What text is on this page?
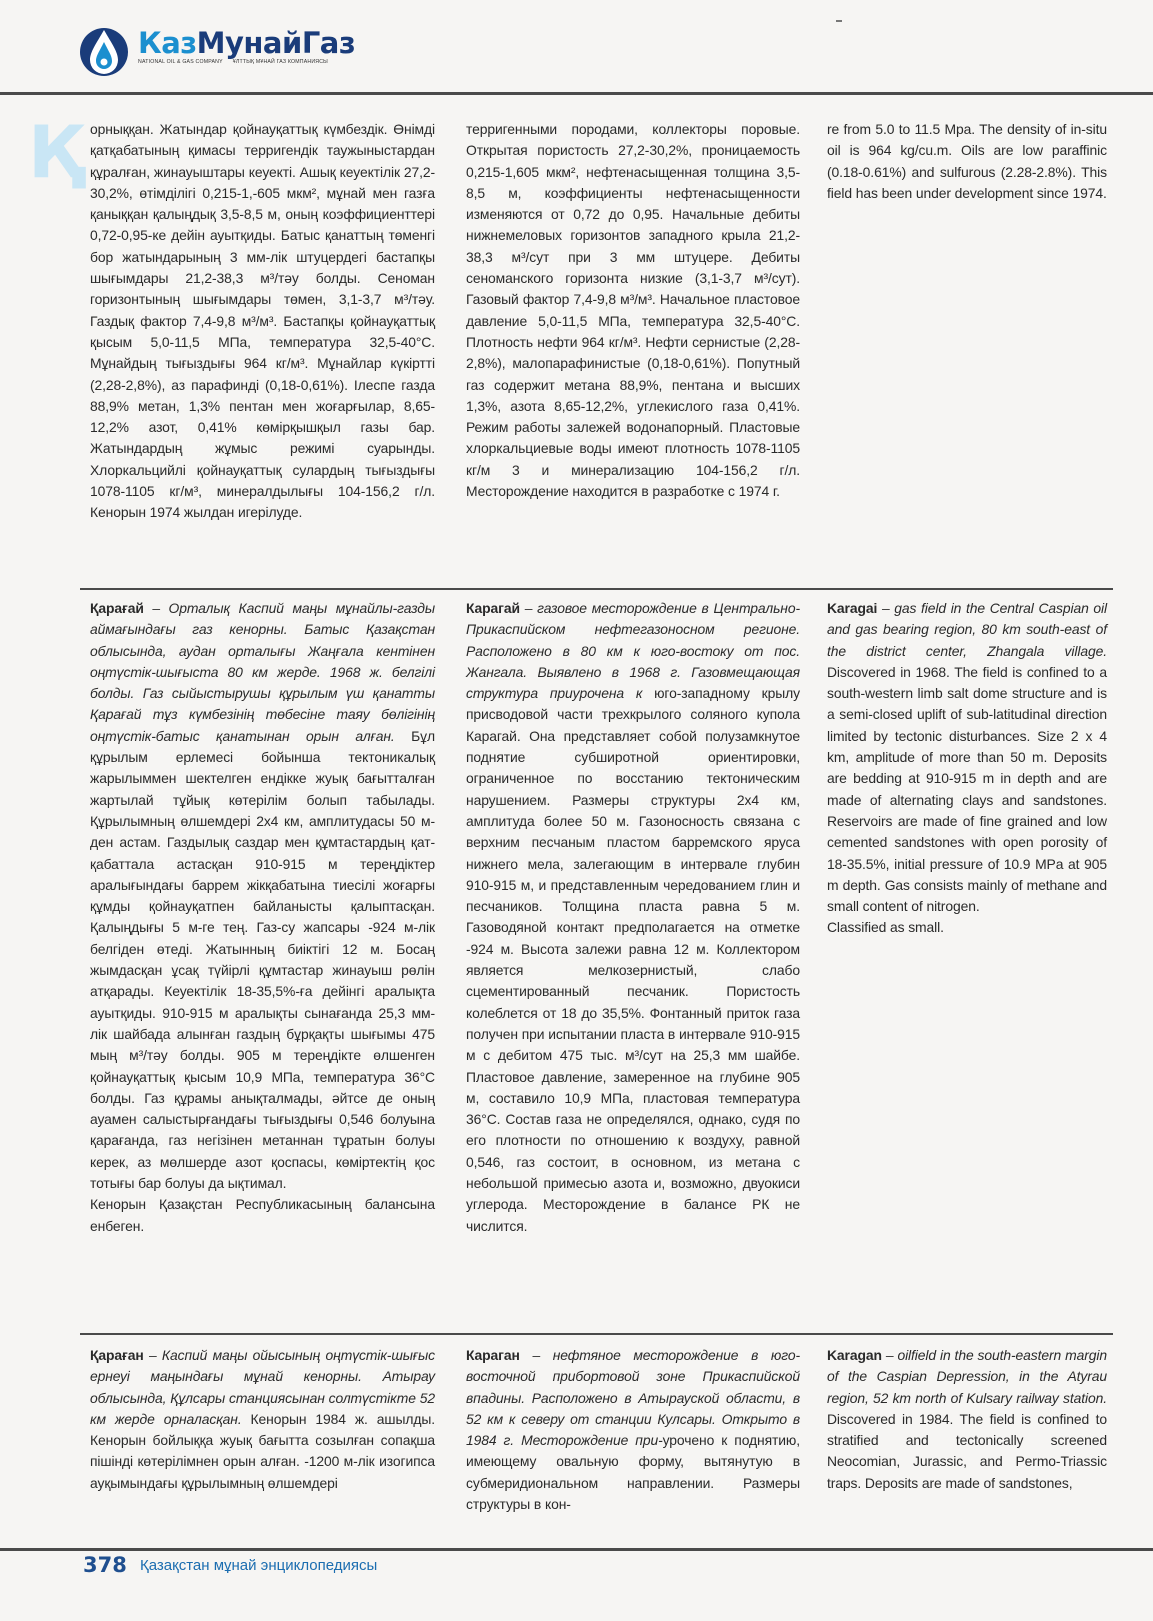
КазМунайГаз
NATIONAL OIL & GAS COMPANY ҰЛТТЫҚ МҰНАЙ ГАЗ КОМПАНИЯСЫ
Қ орныққан. Жатындар қойнауқаттық күмбездік. Өнімді қатқабатының қимасы терригендік таужыныстардан құралған, жинауыштары кеуекті. Ашық кеуектілік 27,2-30,2%, өтімділігі 0,215-1,-605 мкм², мұнай мен газға қаныққан қалыңдық 3,5-8,5 м, оның коэффициенттері 0,72-0,95-ке дейін ауытқиды. Батыс қанаттың төменгі бор жатындарының 3 мм-лік штуцердегі бастапқы шығымдары 21,2-38,3 м³/тәу болды. Сеноман горизонтының шығымдары төмен, 3,1-3,7 м³/тәу. Газдық фактор 7,4-9,8 м³/м³. Бастапқы қойнауқаттық қысым 5,0-11,5 МПа, температура 32,5-40°С. Мұнайдың тығыздығы 964 кг/м³. Мұнайлар күкіртті (2,28-2,8%), аз парафинді (0,18-0,61%). Ілеспе газда 88,9% метан, 1,3% пентан мен жоғарғылар, 8,65-12,2% азот, 0,41% көмірқышқыл газы бар. Жатындардың жұмыс режимі суарынды. Хлоркальцийлі қойнауқаттық сулардың тығыздығы 1078-1105 кг/м³, минералдылығы 104-156,2 г/л. Кенорын 1974 жылдан игерілуде.

терригенными породами, коллекторы поровые. Открытая пористость 27,2-30,2%, проницаемость 0,215-1,605 мкм², нефтенасыщенная толщина 3,5-8,5 м, коэффициенты нефтенасыщенности изменяются от 0,72 до 0,95. Начальные дебиты нижнемеловых горизонтов западного крыла 21,2-38,3 м³/сут при 3 мм штуцере. Дебиты сеноманского горизонта низкие (3,1-3,7 м³/сут). Газовый фактор 7,4-9,8 м³/м³. Начальное пластовое давление 5,0-11,5 МПа, температура 32,5-40°С. Плотность нефти 964 кг/м³. Нефти сернистые (2,28-2,8%), малопарафинистые (0,18-0,61%). Попутный газ содержит метана 88,9%, пентана и высших 1,3%, азота 8,65-12,2%, углекислого газа 0,41%. Режим работы залежей водонапорный. Пластовые хлоркальциевые воды имеют плотность 1078-1105 кг/м 3 и минерализацию 104-156,2 г/л. Месторождение находится в разработке с 1974 г.

re from 5.0 to 11.5 Mpa. The density of in-situ oil is 964 kg/cu.m. Oils are low paraffinic (0.18-0.61%) and sulfurous (2.28-2.8%). This field has been under development since 1974.

Қарағай – Орталық Каспий маңы мұнайлы-газды аймағындағы газ кенорны. Батыс Қазақстан облысында, аудан орталығы Жаңғала кентінен оңтүстік-шығыста 80 км жерде. 1968 ж. белгілі болды. Газ сыйыстырушы құрылым үш қанатты Қарағай тұз күмбезінің төбесіне таяу бөлігінің оңтүстік-батыс қанатынан орын алған. Бұл құрылым ерлемесі бойынша тектоникалық жарылыммен шектелген ендікке жуық бағытталған жартылай тұйық көтерілім болып табылады. Құрылымның өлшемдері 2х4 км, амплитудасы 50 м-ден астам. Газдылық саздар мен құмтастардың қат-қабаттала астасқан 910-915 м тереңдіктер аралығындағы баррем жікқабатына тиесілі жоғарғы құмды қойнауқатпен байланысты қалыптасқан. Қалыңдығы 5 м-ге тең. Газ-су жапсары -924 м-лік белгіден өтеді. Жатынның биіктігі 12 м. Босаң жымдасқан ұсақ түйірлі құмтастар жинауыш рөлін атқарады. Кеуектілік 18-35,5%-ға дейінгі аралықта ауытқиды. 910-915 м аралықты сынағанда 25,3 мм-лік шайбада алынған газдың бұрқақты шығымы 475 мың м³/тәу болды. 905 м тереңдікте өлшенген қойнауқаттық қысым 10,9 МПа, температура 36°С болды. Газ құрамы анықталмады, әйтсе де оның ауамен салыстырғандағы тығыздығы 0,546 болуына қарағанда, газ негізінен метаннан тұратын болуы керек, аз мөлшерде азот қоспасы, көміртектің қос тотығы бар болуы да ықтимал.
Кенорын Қазақстан Республикасының балансына енбеген.
Карагай – газовое месторождение в Центрально-Прикаспийском нефтегазоносном регионе. Расположено в 80 км к юго-востоку от пос. Жангала. Выявлено в 1968 г. Газовмещающая структура приурочена к юго-западному крылу присводовой части трехкрылого соляного купола Карагай. Она представляет собой полузамкнутое поднятие субширотной ориентировки, ограниченное по восстанию тектоническим нарушением. Размеры структуры 2х4 км, амплитуда более 50 м. Газоносность связана с верхним песчаным пластом барремского яруса нижнего мела, залегающим в интервале глубин 910-915 м, и представленным чередованием глин и песчаников. Толщина пласта равна 5 м. Газоводяной контакт предполагается на отметке -924 м. Высота залежи равна 12 м. Коллектором является мелкозернистый, слабо сцементированный песчаник. Пористость колеблется от 18 до 35,5%. Фонтанный приток газа получен при испытании пласта в интервале 910-915 м с дебитом 475 тыс. м³/сут на 25,3 мм шайбе. Пластовое давление, замеренное на глубине 905 м, составило 10,9 МПа, пластовая температура 36°С. Состав газа не определялся, однако, судя по его плотности по отношению к воздуху, равной 0,546, газ состоит, в основном, из метана с небольшой примесью азота и, возможно, двуокиси углерода. Месторождение в балансе РК не числится.
Karagai – gas field in the Central Caspian oil and gas bearing region, 80 km south-east of the district center, Zhangala village. Discovered in 1968. The field is confined to a south-western limb salt dome structure and is a semi-closed uplift of sub-latitudinal direction limited by tectonic disturbances. Size 2 x 4 km, amplitude of more than 50 m. Deposits are bedding at 910-915 m in depth and are made of alternating clays and sandstones. Reservoirs are made of fine grained and low cemented sandstones with open porosity of 18-35.5%, initial pressure of 10.9 MPa at 905 m depth. Gas consists mainly of methane and small content of nitrogen.
Classified as small.
Қараған – Каспий маңы ойысының оңтүстік-шығыс ернеуі маңындағы мұнай кенорны. Атырау облысында, Құлсары станциясынан солтүстікте 52 км жерде орналасқан. Кенорын 1984 ж. ашылды. Кенорын бойлыққа жуық бағытта созылған сопақша пішінді көтерілімнен орын алған. -1200 м-лік изогипса ауқымындағы құрылымның өлшемдері
Караган – нефтяное месторождение в юго-восточной прибортовой зоне Прикаспийской впадины. Расположено в Атырауской области, в 52 км к северу от станции Кулсары. Открыто в 1984 г. Месторождение при-урочено к поднятию, имеющему овальную форму, вытянутую в субмеридиональном направлении. Размеры структуры в кон-
Karagan – oilfield in the south-eastern margin of the Caspian Depression, in the Atyrau region, 52 km north of Kulsary railway station. Discovered in 1984. The field is confined to stratified and tectonically screened Neocomian, Jurassic, and Permo-Triassic traps. Deposits are made of sandstones,
378 Қазақстан мұнай энциклопедиясы
